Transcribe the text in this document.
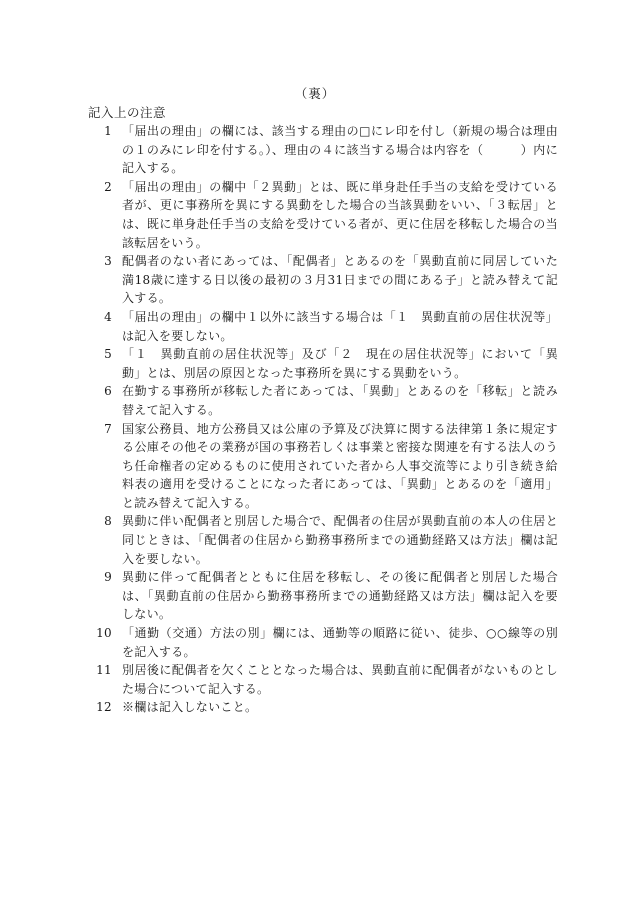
（裏）
記入上の注意
1 「届出の理由」の欄には、該当する理由の□にレ印を付し（新規の場合は理由の１のみにレ印を付する。）、理由の４に該当する場合は内容を（　　　）内に記入する。
2 「届出の理由」の欄中「２異動」とは、既に単身赴任手当の支給を受けている者が、更に事務所を異にする異動をした場合の当該異動をいい、「３転居」とは、既に単身赴任手当の支給を受けている者が、更に住居を移転した場合の当該転居をいう。
3 配偶者のない者にあっては、「配偶者」とあるのを「異動直前に同居していた満18歳に達する日以後の最初の３月31日までの間にある子」と読み替えて記入する。
4 「届出の理由」の欄中１以外に該当する場合は「１　異動直前の居住状況等」は記入を要しない。
5 「１　異動直前の居住状況等」及び「２　現在の居住状況等」において「異動」とは、別居の原因となった事務所を異にする異動をいう。
6 在勤する事務所が移転した者にあっては、「異動」とあるのを「移転」と読み替えて記入する。
7 国家公務員、地方公務員又は公庫の予算及び決算に関する法律第１条に規定する公庫その他その業務が国の事務若しくは事業と密接な関連を有する法人のうち任命権者の定めるものに使用されていた者から人事交流等により引き続き給料表の適用を受けることになった者にあっては、「異動」とあるのを「適用」と読み替えて記入する。
8 異動に伴い配偶者と別居した場合で、配偶者の住居が異動直前の本人の住居と同じときは、「配偶者の住居から勤務事務所までの通勤経路又は方法」欄は記入を要しない。
9 異動に伴って配偶者とともに住居を移転し、その後に配偶者と別居した場合は、「異動直前の住居から勤務事務所までの通勤経路又は方法」欄は記入を要しない。
10 「通勤（交通）方法の別」欄には、通勤等の順路に従い、徒歩、○○線等の別を記入する。
11 別居後に配偶者を欠くこととなった場合は、異動直前に配偶者がないものとした場合について記入する。
12 ※欄は記入しないこと。
